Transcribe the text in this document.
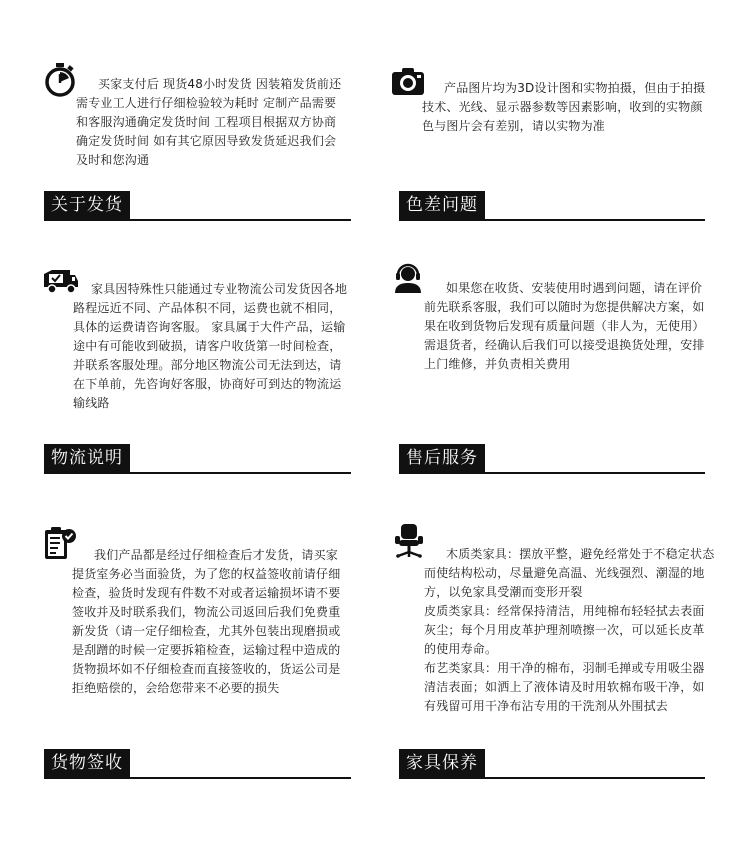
买家支付后 现货48小时发货 因装箱发货前还需专业工人进行仔细检验较为耗时 定制产品需要和客服沟通确定发货时间 工程项目根据双方协商确定发货时间 如有其它原因导致发货延迟我们会及时和您沟通
关于发货
产品图片均为3D设计图和实物拍摄，但由于拍摄技术、光线、显示器参数等因素影响，收到的实物颜色与图片会有差别，请以实物为准
色差问题
家具因特殊性只能通过专业物流公司发货因各地路程远近不同、产品体积不同，运费也就不相同，具体的运费请咨询客服。 家具属于大件产品，运输途中有可能收到破损，请客户收货第一时间检查，并联系客服处理。部分地区物流公司无法到达，请在下单前，先咨询好客服，协商好可到达的物流运输线路
物流说明
如果您在收货、安装使用时遇到问题，请在评价前先联系客服，我们可以随时为您提供解决方案，如果在收到货物后发现有质量问题（非人为，无使用）需退货者，经确认后我们可以接受退换货处理，安排上门维修，并负责相关费用
售后服务
我们产品都是经过仔细检查后才发货，请买家提货室务必当面验货，为了您的权益签收前请仔细检查，验货时发现有件数不对或者运输损坏请不要签收并及时联系我们，物流公司返回后我们免费重新发货（请一定仔细检查，尤其外包装出现磨损或是刮蹭的时候一定要拆箱检查，运输过程中造成的货物损坏如不仔细检查而直接签收的，货运公司是拒绝赔偿的，会给您带来不必要的损失
货物签收
木质类家具：摆放平整，避免经常处于不稳定状态而使结构松动，尽量避免高温、光线强烈、潮湿的地方，以免家具受潮而变形开裂
皮质类家具：经常保持清洁，用纯棉布轻轻拭去表面灰尘；每个月用皮革护理剂喷擦一次，可以延长皮革的使用寿命。
布艺类家具：用干净的棉布，羽制毛掸或专用吸尘器清洁表面；如洒上了液体请及时用软棉布吸干净，如有残留可用干净布沾专用的干洗剂从外围拭去
家具保养
